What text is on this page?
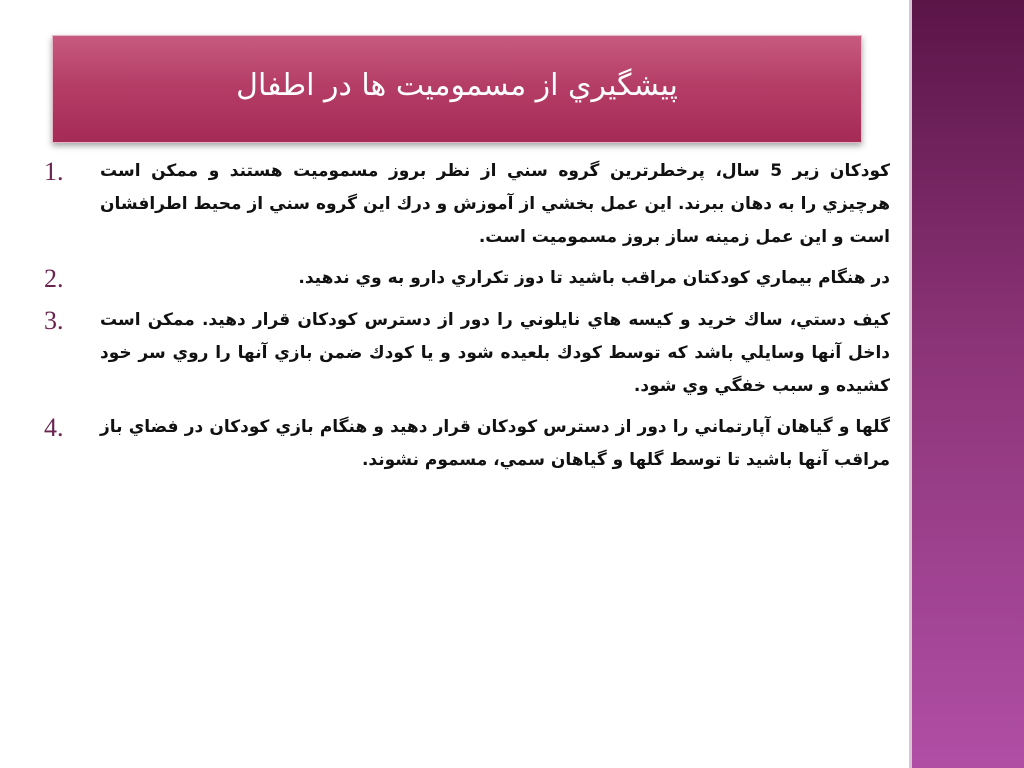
پيشگيري از مسموميت ها در اطفال
كودكان زير 5 سال، پرخطرترين گروه سني از نظر بروز مسموميت هستند و ممكن است هرچيزي را به دهان ببرند. اين عمل بخشي از آموزش و درك اين گروه سني از محيط اطرافشان است و اين عمل زمينه ساز بروز مسموميت است.
1.
در هنگام بيماري كودكتان مراقب باشيد تا دوز تكراري دارو به وي ندهيد.
2.
كيف دستي، ساك خريد و كيسه هاي نايلوني را دور از دسترس كودكان قرار دهيد. ممكن است داخل آنها وسايلي باشد كه توسط كودك بلعيده شود و يا كودك ضمن بازي آنها را روي سر خود كشيده و سبب خفگي وي شود.
3.
گلها و گياهان آپارتماني را دور از دسترس كودكان قرار دهيد و هنگام بازي كودكان در فضاي باز مراقب آنها باشيد تا توسط گلها و گياهان سمي، مسموم نشوند.
4.
